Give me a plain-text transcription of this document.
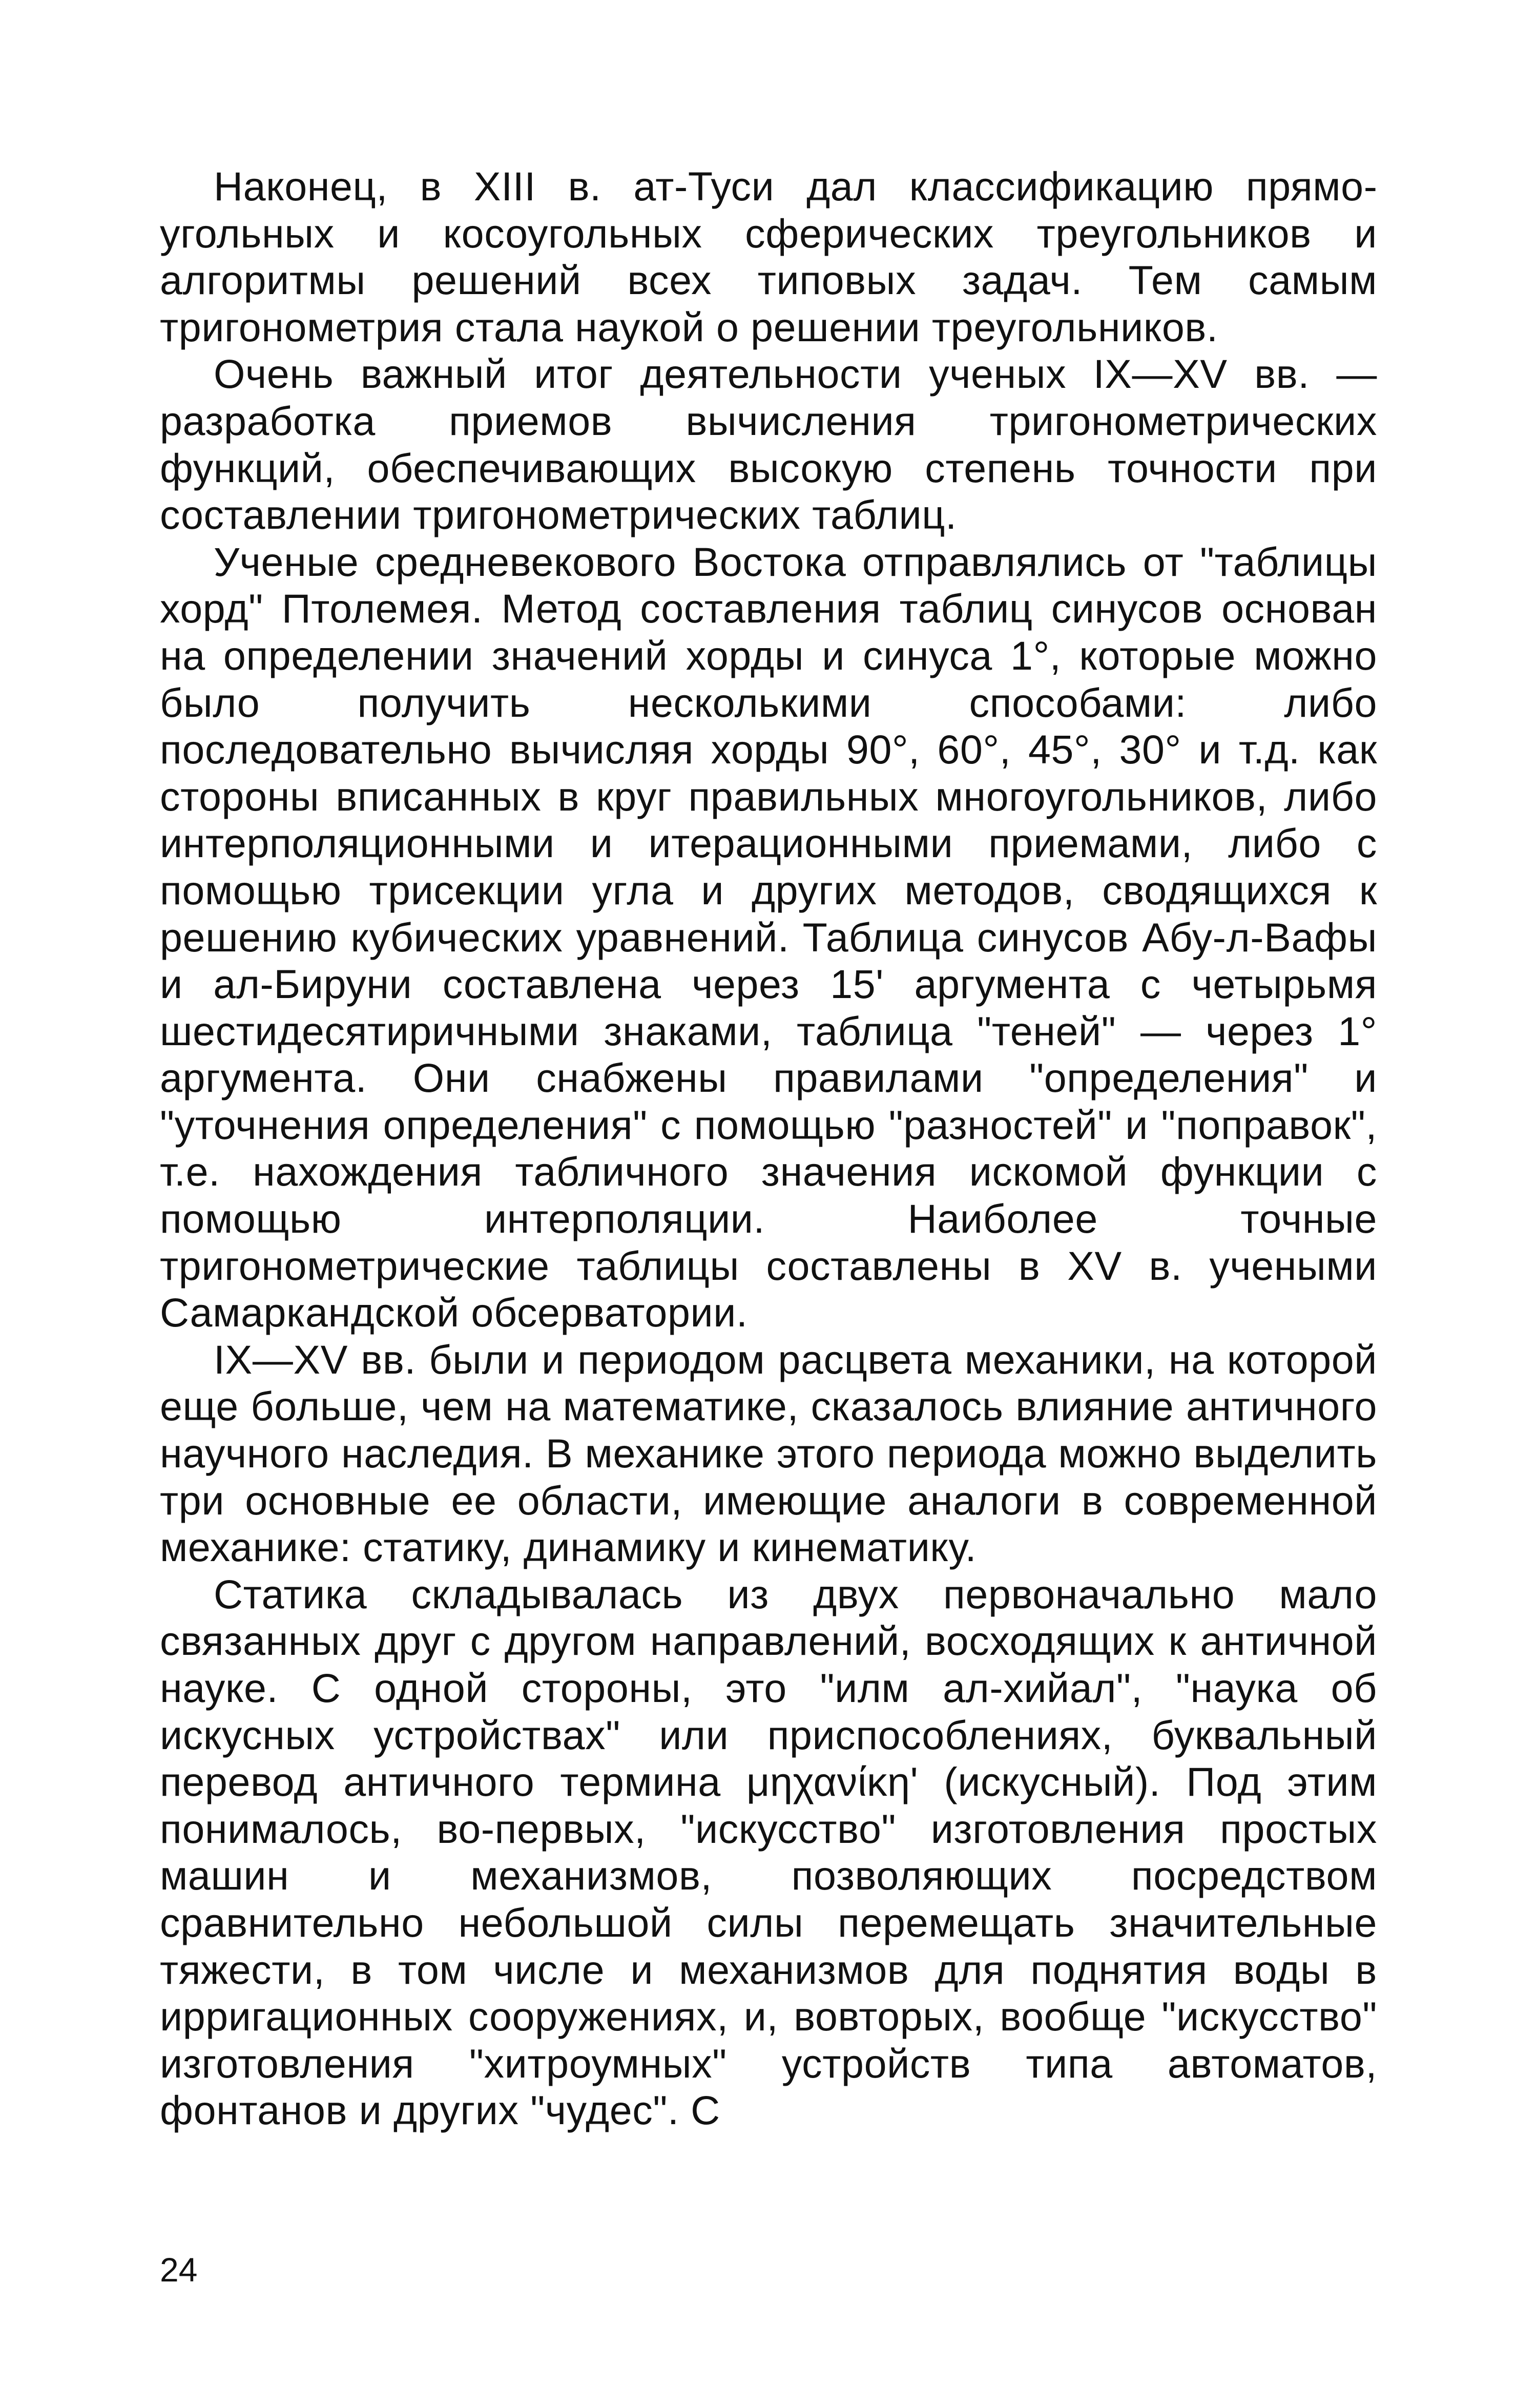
Наконец, в XIII в. ат-Туси дал классификацию прямоугольных и косоугольных сферических треугольников и алгоритмы решений всех типовых задач. Тем самым тригонометрия стала наукой о решении треугольников.

Очень важный итог деятельности ученых IX—XV вв. — разработка приемов вычисления тригонометрических функций, обеспечивающих высокую степень точности при составлении тригонометрических таблиц.

Ученые средневекового Востока отправлялись от "таблицы хорд" Птолемея. Метод составления таблиц синусов основан на определении значений хорды и синуса 1°, которые можно было получить несколькими способами: либо последовательно вычисляя хорды 90°, 60°, 45°, 30° и т.д. как стороны вписанных в круг правильных многоугольников, либо интерполяционными и итерационными приемами, либо с помощью трисекции угла и других методов, сводящихся к решению кубических уравнений. Таблица синусов Абу-л-Вафы и ал-Бируни составлена через 15' аргумента с четырьмя шестидесятиричными знаками, таблица "теней" — через 1° аргумента. Они снабжены правилами "определения" и "уточнения определения" с помощью "разностей" и "поправок", т.е. нахождения табличного значения искомой функции с помощью интерполяции. Наиболее точные тригонометрические таблицы составлены в XV в. учеными Самаркандской обсерватории.

IX—XV вв. были и периодом расцвета механики, на которой еще больше, чем на математике, сказалось влияние античного научного наследия. В механике этого периода можно выделить три основные ее области, имеющие аналоги в современной механике: статику, динамику и кинематику.

Статика складывалась из двух первоначально мало связанных друг с другом направлений, восходящих к античной науке. С одной стороны, это "илм ал-хийал", "наука об искусных устройствах" или приспособлениях, буквальный перевод античного термина μηχανίκη' (искусный). Под этим понималось, во-первых, "искусство" изготовления простых машин и механизмов, позволяющих посредством сравнительно небольшой силы перемещать значительные тяжести, в том числе и механизмов для поднятия воды в ирригационных сооружениях, и, вовторых, вообще "искусство" изготовления "хитроумных" устройств типа автоматов, фонтанов и других "чудес". С

24
